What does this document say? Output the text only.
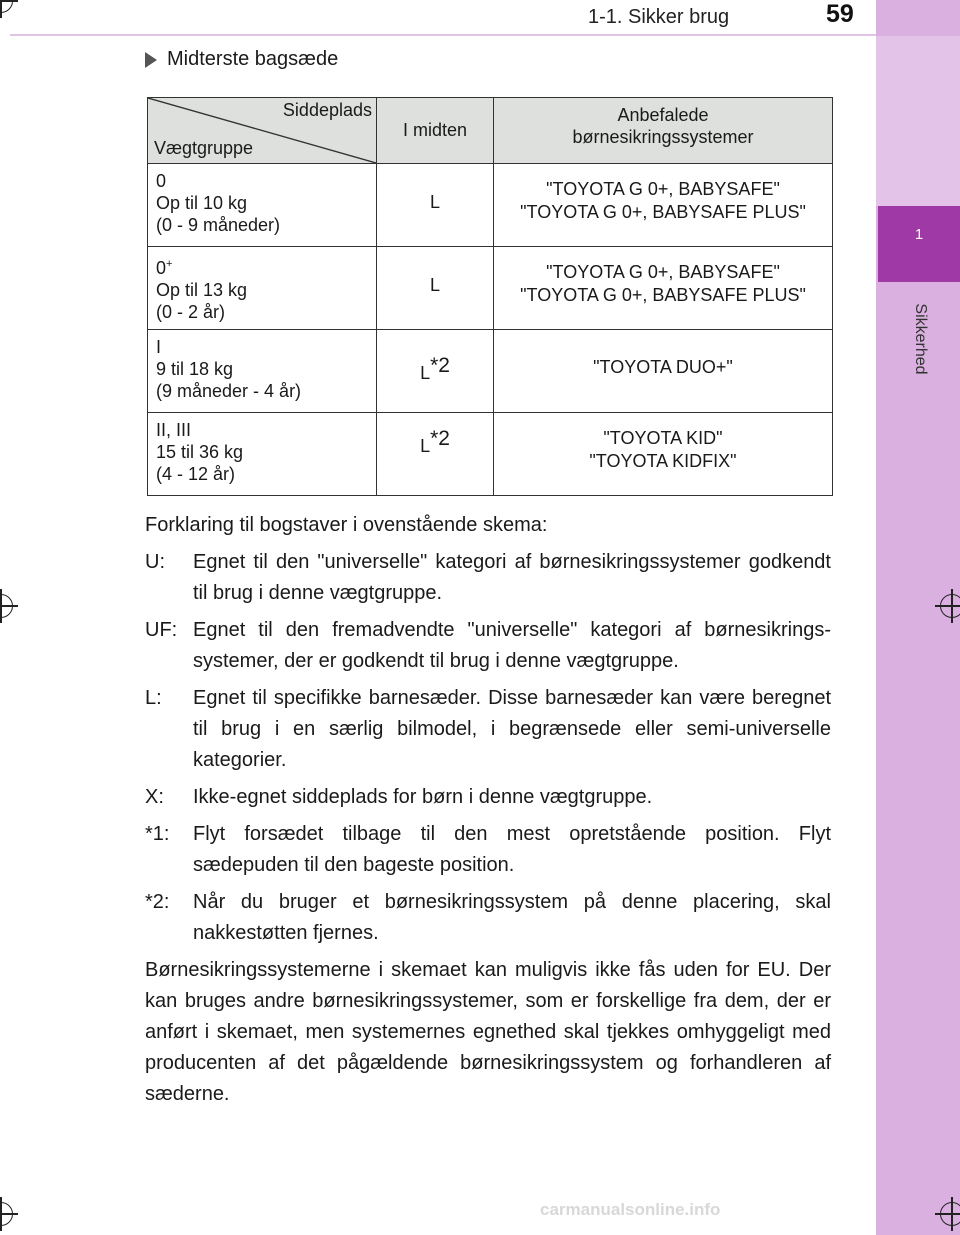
1-1. Sikker brug	59
1
Sikkerhed
Midterste bagsæde
Siddeplads
Vægtgruppe	I midten	Anbefalede
børnesikringssystemer
0
Op til 10 kg
(0 - 9 måneder)	L	"TOYOTA G 0+, BABYSAFE"
"TOYOTA G 0+, BABYSAFE PLUS"
0+
Op til 13 kg
(0 - 2 år)	L	"TOYOTA G 0+, BABYSAFE"
"TOYOTA G 0+, BABYSAFE PLUS"
I
9 til 18 kg
(9 måneder - 4 år)	$L^{*2}$	"TOYOTA DUO+"
II, III
15 til 36 kg
(4 - 12 år)	$L^{*2}$	"TOYOTA KID"
"TOYOTA KIDFIX"

Forklaring til bogstaver i ovenstående skema:

U:	Egnet til den "universelle" kategori af børnesikringssystemer godkendt til brug i denne vægtgruppe.
UF: Egnet til den fremadvendte "universelle" kategori af børnesikrings-systemer, der er godkendt til brug i denne vægtgruppe.
L:	Egnet til specifikke barnesæder. Disse barnesæder kan være beregnet til brug i en særlig bilmodel, i begrænsede eller semi-universelle kategorier.
X:	Ikke-egnet siddeplads for børn i denne vægtgruppe.
*1:	Flyt forsædet tilbage til den mest opretstående position. Flyt sædepuden til den bageste position.
*2:	Når du bruger et børnesikringssystem på denne placering, skal nakkestøtten fjernes.

Børnesikringssystemerne i skemaet kan muligvis ikke fås uden for EU. Der kan bruges andre børnesikringssystemer, som er forskellige fra dem, der er anført i skemaet, men systemernes egnethed skal tjekkes omhyggeligt med producenten af det pågældende børnesikringssystem og forhandleren af sæderne.

carmanualsonline.info
